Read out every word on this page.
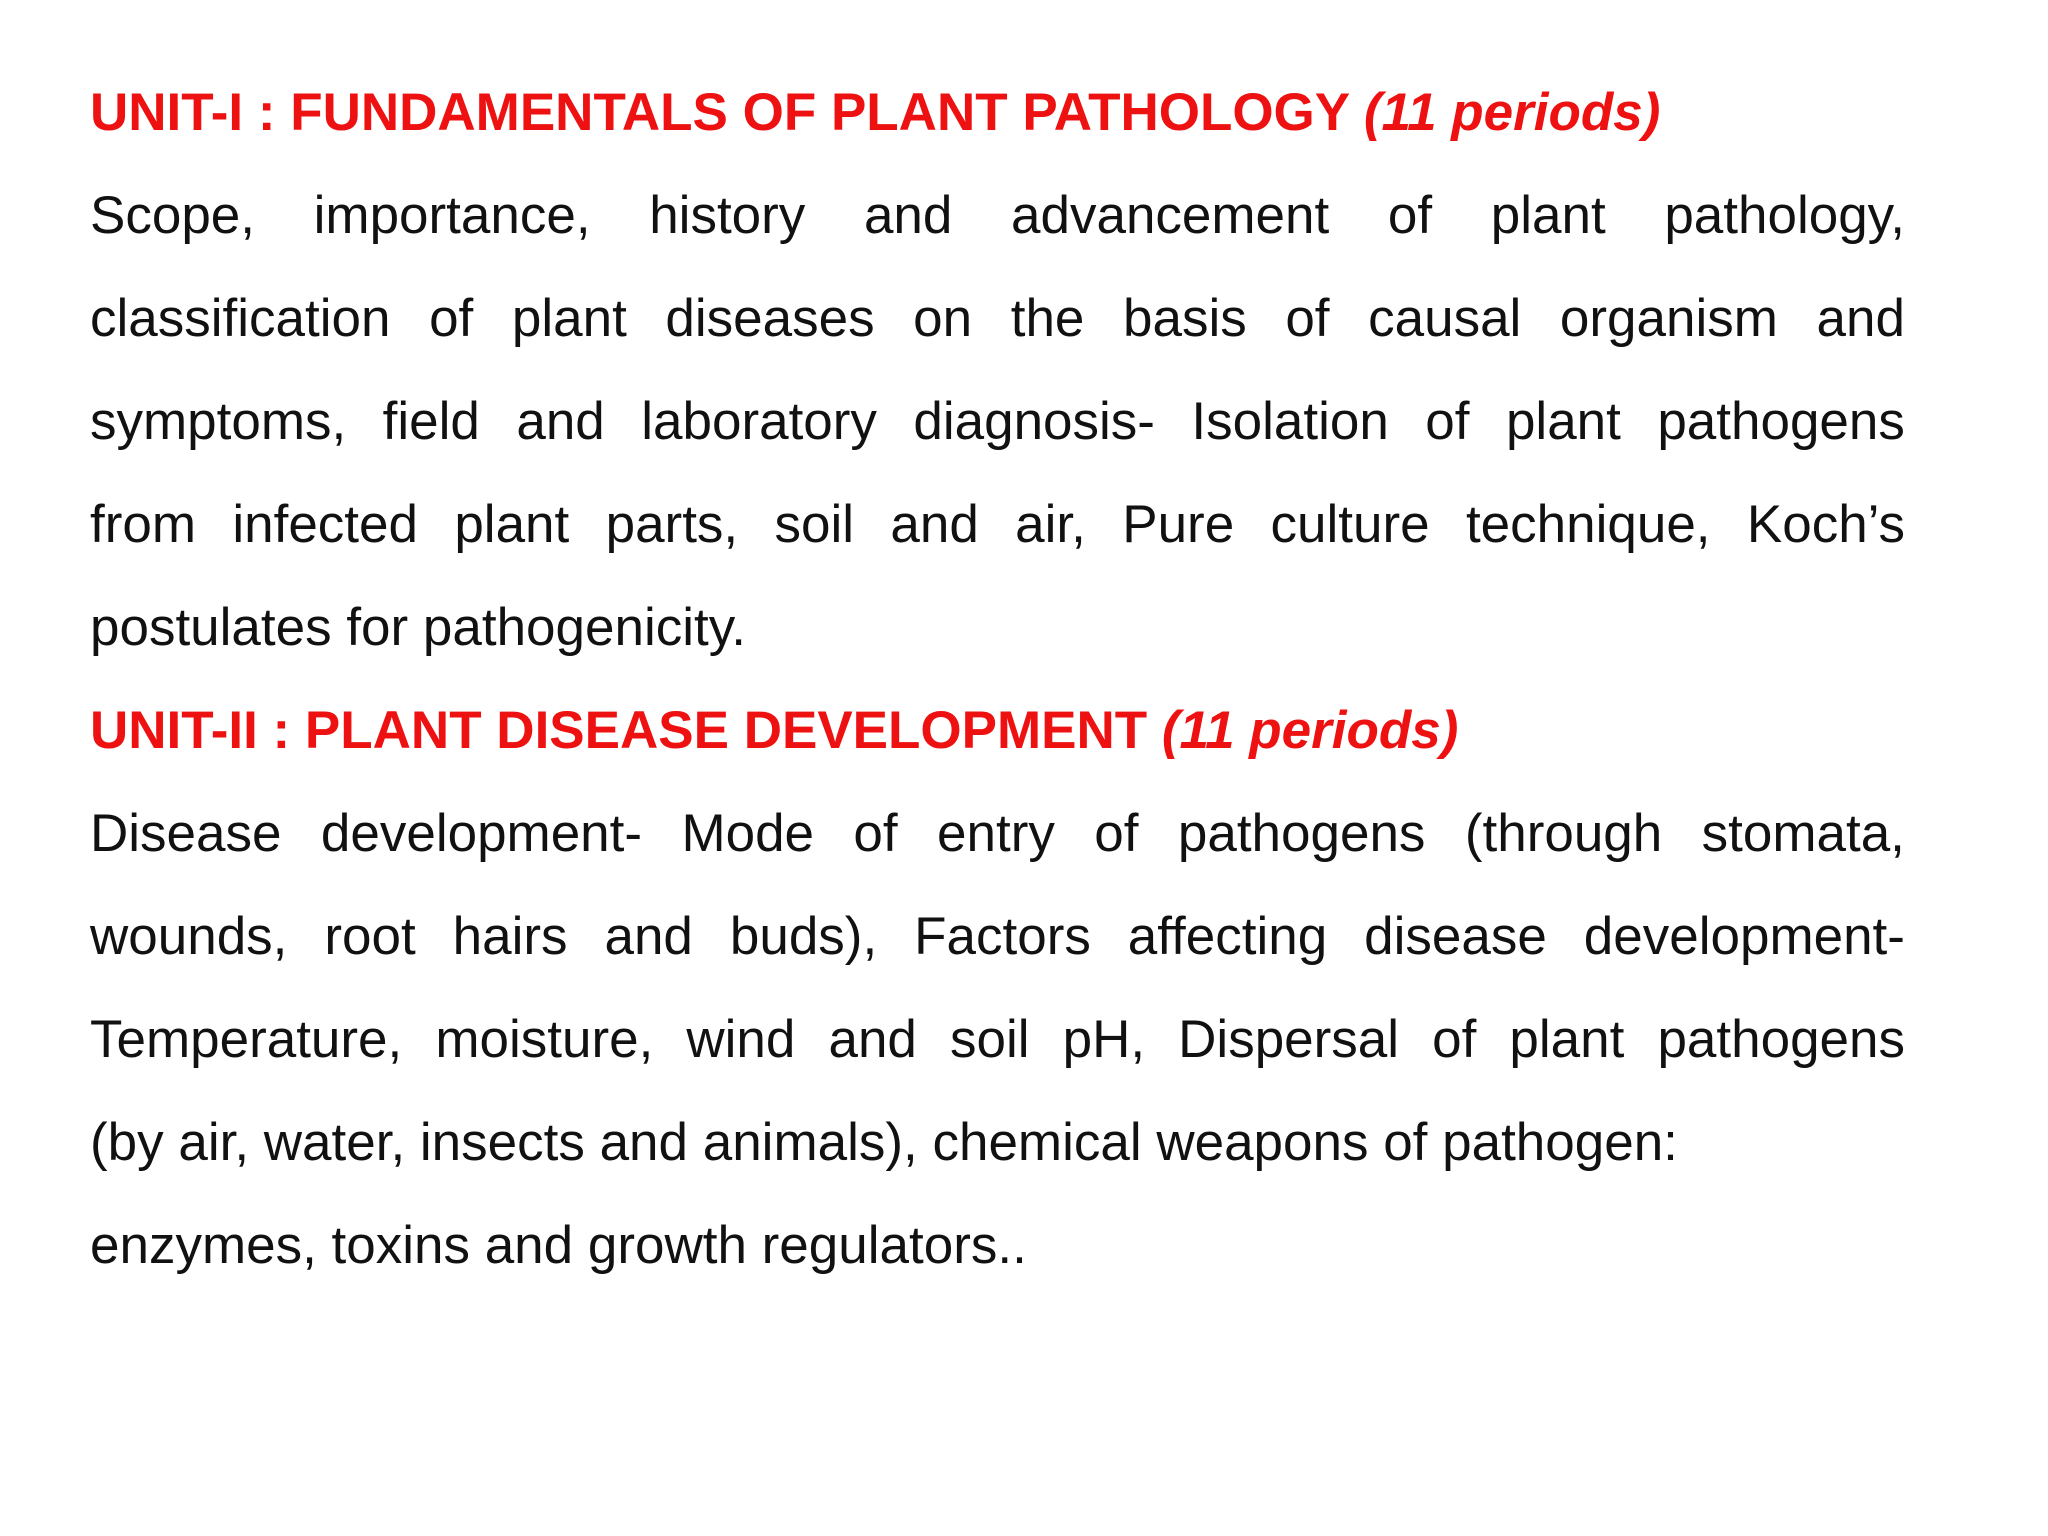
UNIT-I : FUNDAMENTALS OF PLANT PATHOLOGY (11 periods)
Scope, importance, history and advancement of plant pathology,
classification of plant diseases on the basis of causal organism and
symptoms, field and laboratory diagnosis- Isolation of plant pathogens
from infected plant parts, soil and air, Pure culture technique, Koch’s
postulates for pathogenicity.
UNIT-II : PLANT DISEASE DEVELOPMENT (11 periods)
Disease development- Mode of entry of pathogens (through stomata,
wounds, root hairs and buds), Factors affecting disease development-
Temperature, moisture, wind and soil pH, Dispersal of plant pathogens
(by air, water, insects and animals), chemical weapons of pathogen:
enzymes, toxins and growth regulators..
